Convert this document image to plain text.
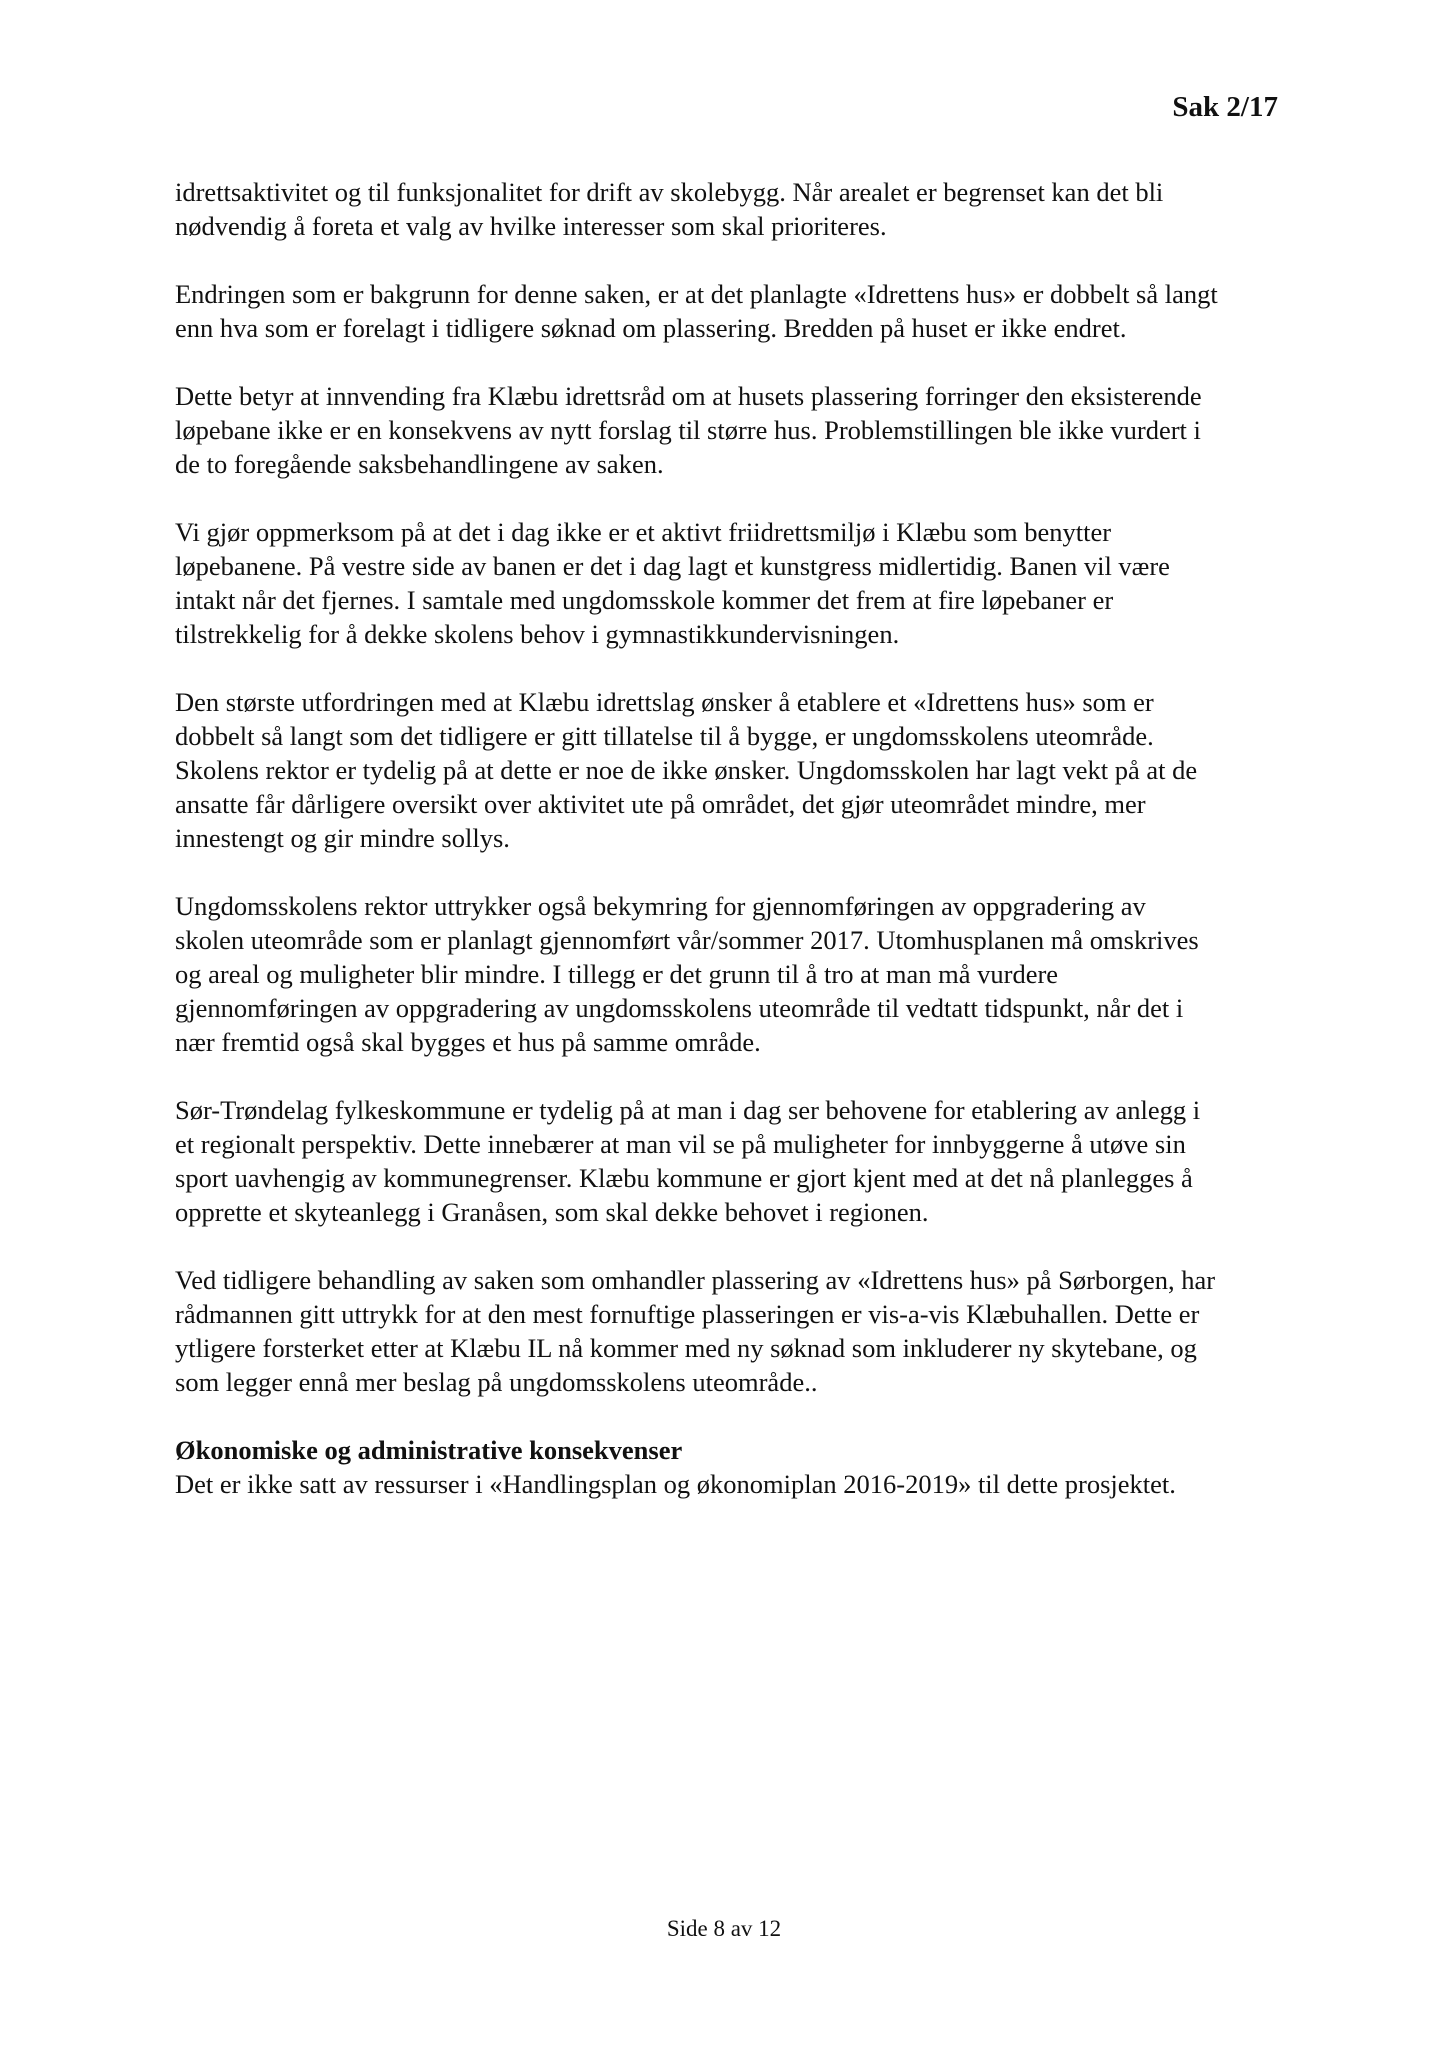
Sak 2/17

idrettsaktivitet og til funksjonalitet for drift av skolebygg. Når arealet er begrenset kan det bli
nødvendig å foreta et valg av hvilke interesser som skal prioriteres.

Endringen som er bakgrunn for denne saken, er at det planlagte «Idrettens hus» er dobbelt så langt
enn hva som er forelagt i tidligere søknad om plassering. Bredden på huset er ikke endret.

Dette betyr at innvending fra Klæbu idrettsråd om at husets plassering forringer den eksisterende
løpebane ikke er en konsekvens av nytt forslag til større hus. Problemstillingen ble ikke vurdert i
de to foregående saksbehandlingene av saken.

Vi gjør oppmerksom på at det i dag ikke er et aktivt friidrettsmiljø i Klæbu som benytter
løpebanene. På vestre side av banen er det i dag lagt et kunstgress midlertidig. Banen vil være
intakt når det fjernes. I samtale med ungdomsskole kommer det frem at fire løpebaner er
tilstrekkelig for å dekke skolens behov i gymnastikkundervisningen.

Den største utfordringen med at Klæbu idrettslag ønsker å etablere et «Idrettens hus» som er
dobbelt så langt som det tidligere er gitt tillatelse til å bygge, er ungdomsskolens uteområde.
Skolens rektor er tydelig på at dette er noe de ikke ønsker. Ungdomsskolen har lagt vekt på at de
ansatte får dårligere oversikt over aktivitet ute på området, det gjør uteområdet mindre, mer
innestengt og gir mindre sollys.

Ungdomsskolens rektor uttrykker også bekymring for gjennomføringen av oppgradering av
skolen uteområde som er planlagt gjennomført vår/sommer 2017. Utomhusplanen må omskrives
og areal og muligheter blir mindre. I tillegg er det grunn til å tro at man må vurdere
gjennomføringen av oppgradering av ungdomsskolens uteområde til vedtatt tidspunkt, når det i
nær fremtid også skal bygges et hus på samme område.

Sør-Trøndelag fylkeskommune er tydelig på at man i dag ser behovene for etablering av anlegg i
et regionalt perspektiv. Dette innebærer at man vil se på muligheter for innbyggerne å utøve sin
sport uavhengig av kommunegrenser. Klæbu kommune er gjort kjent med at det nå planlegges å
opprette et skyteanlegg i Granåsen, som skal dekke behovet i regionen.

Ved tidligere behandling av saken som omhandler plassering av «Idrettens hus» på Sørborgen, har
rådmannen gitt uttrykk for at den mest fornuftige plasseringen er vis-a-vis Klæbuhallen. Dette er
ytligere forsterket etter at Klæbu IL nå kommer med ny søknad som inkluderer ny skytebane, og
som legger ennå mer beslag på ungdomsskolens uteområde..

Økonomiske og administrative konsekvenser
Det er ikke satt av ressurser i «Handlingsplan og økonomiplan 2016-2019» til dette prosjektet.
Side 8 av 12
